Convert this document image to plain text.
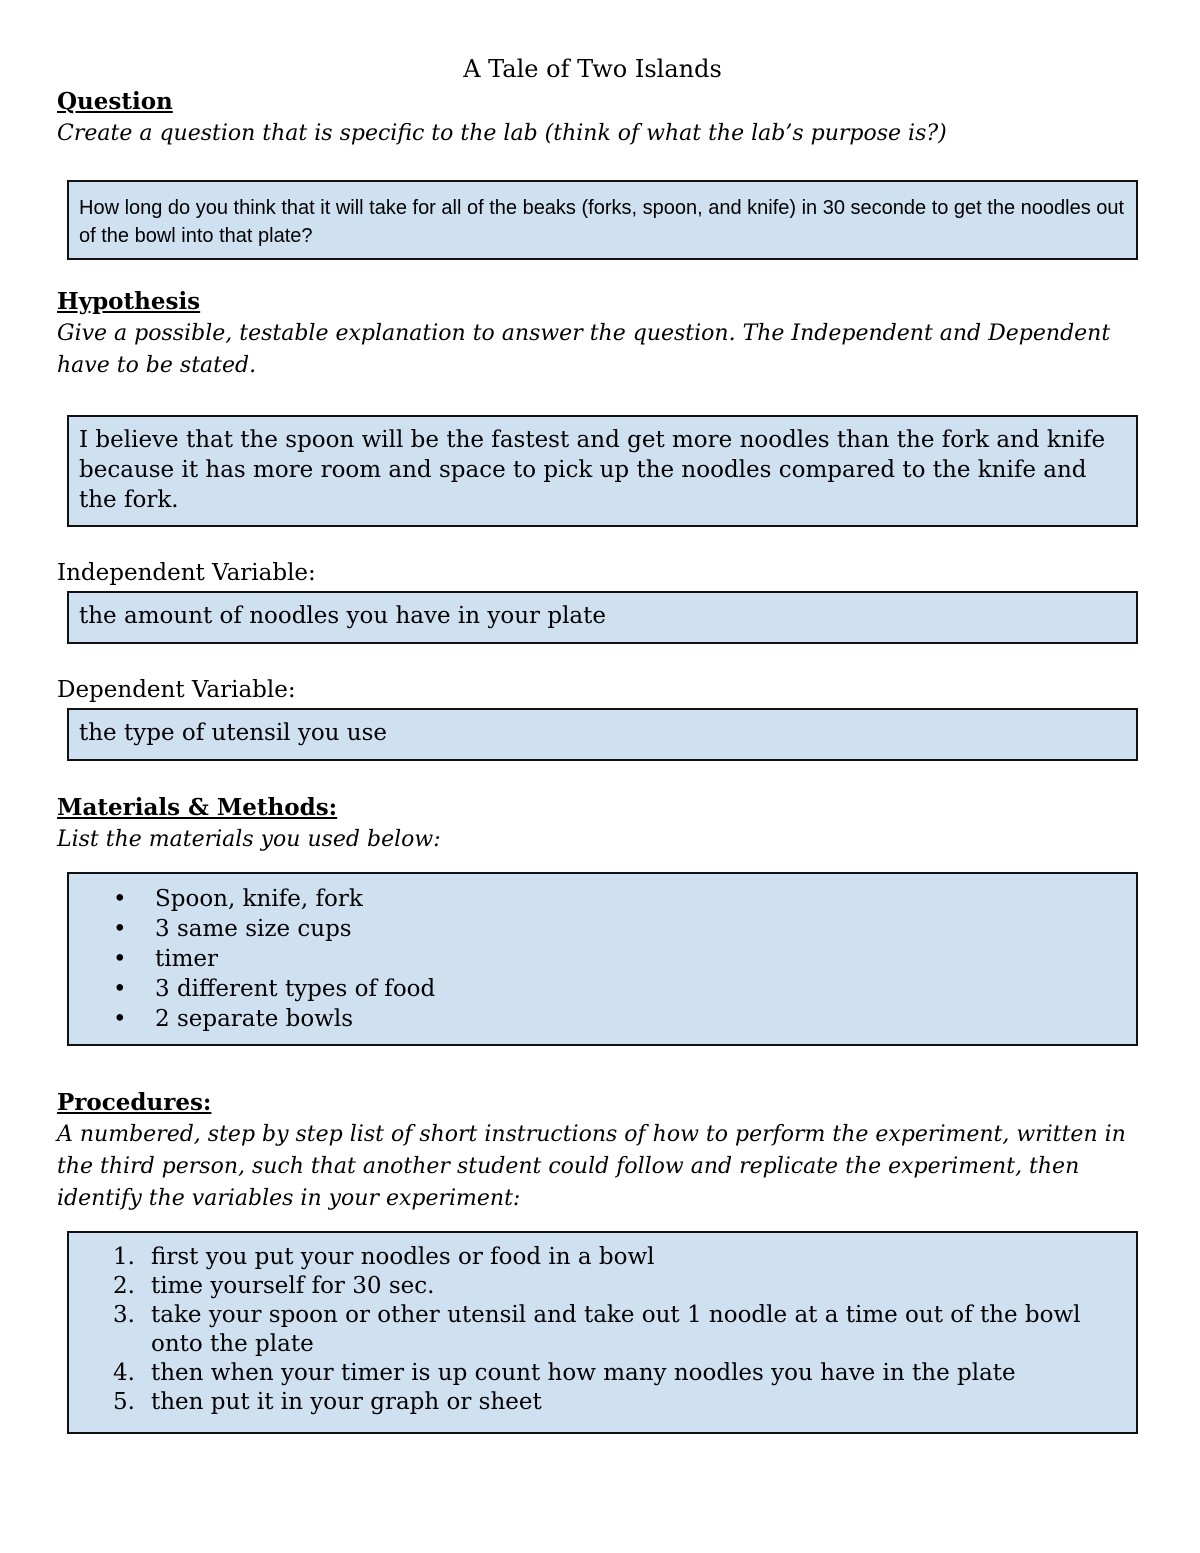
A Tale of Two Islands
Question
Create a question that is specific to the lab (think of what the lab’s purpose is?)
How long do you think that it will take for all of the beaks (forks, spoon, and knife) in 30 seconde to get the noodles out of the bowl into that plate?
Hypothesis
Give a possible, testable explanation to answer the question. The Independent and Dependent have to be stated.
I believe that the spoon will be the fastest and get more noodles than the fork and knife because it has more room and space to pick up the noodles compared to the knife and the fork.
Independent Variable:
the amount of noodles you have in your plate
Dependent Variable:
the type of utensil you use
Materials & Methods:
List the materials you used below:
• Spoon, knife, fork
• 3 same size cups
• timer
• 3 different types of food
• 2 separate bowls
Procedures:
A numbered, step by step list of short instructions of how to perform the experiment, written in the third person, such that another student could follow and replicate the experiment, then identify the variables in your experiment:
1. first you put your noodles or food in a bowl
2. time yourself for 30 sec.
3. take your spoon or other utensil and take out 1 noodle at a time out of the bowl onto the plate
4. then when your timer is up count how many noodles you have in the plate
5. then put it in your graph or sheet
